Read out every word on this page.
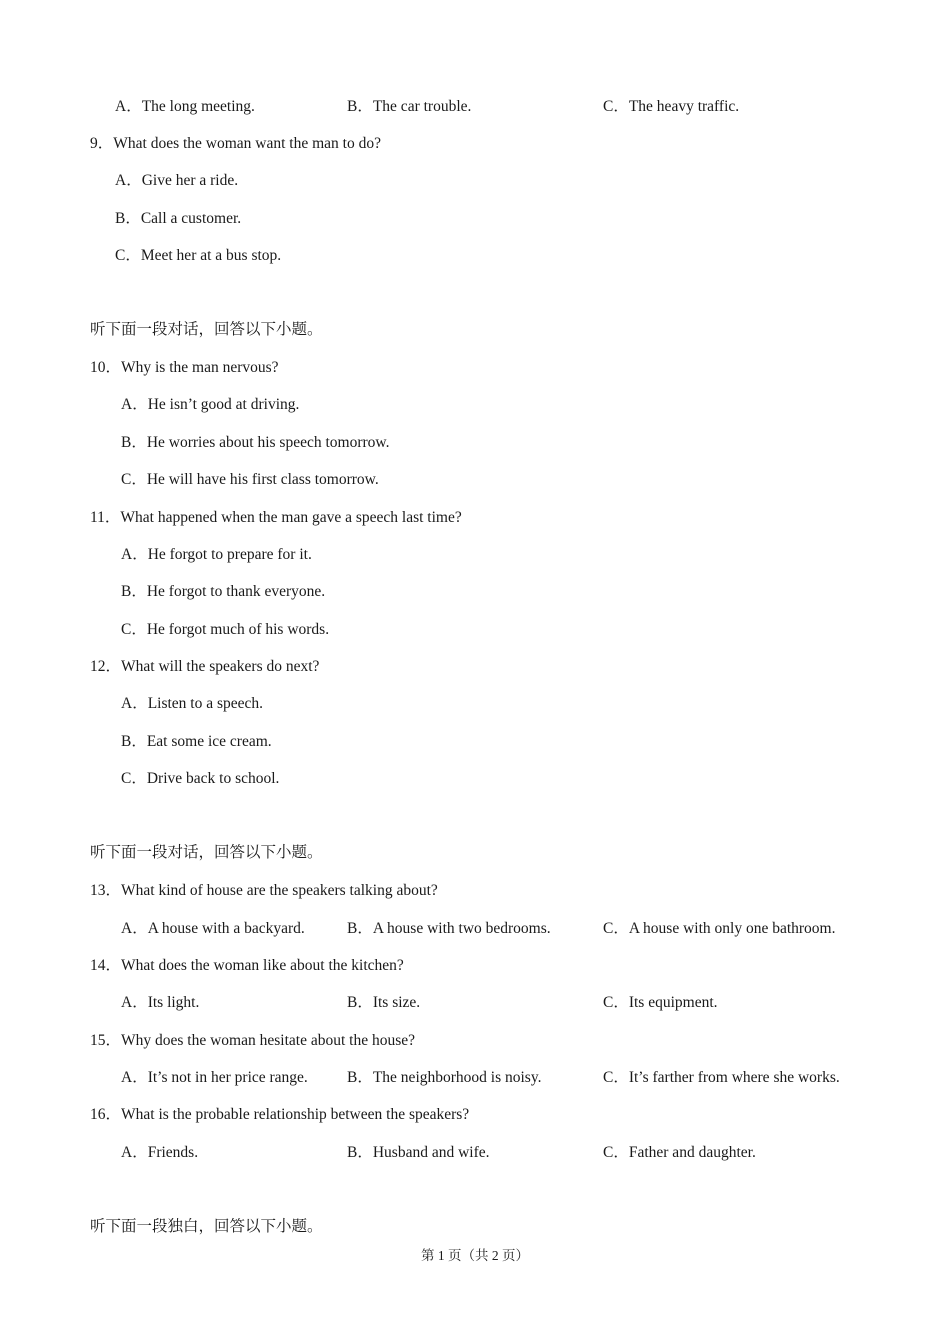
A．The long meeting.	B．The car trouble.	C．The heavy traffic.
9．What does the woman want the man to do?
A．Give her a ride.
B．Call a customer.
C．Meet her at a bus stop.
听下面一段对话，回答以下小题。
10．Why is the man nervous?
A．He isn’t good at driving.
B．He worries about his speech tomorrow.
C．He will have his first class tomorrow.
11．What happened when the man gave a speech last time?
A．He forgot to prepare for it.
B．He forgot to thank everyone.
C．He forgot much of his words.
12．What will the speakers do next?
A．Listen to a speech.
B．Eat some ice cream.
C．Drive back to school.
听下面一段对话，回答以下小题。
13．What kind of house are the speakers talking about?
A．A house with a backyard.	B．A house with two bedrooms.	C．A house with only one bathroom.
14．What does the woman like about the kitchen?
A．Its light.	B．Its size.	C．Its equipment.
15．Why does the woman hesitate about the house?
A．It’s not in her price range.	B．The neighborhood is noisy.	C．It’s farther from where she works.
16．What is the probable relationship between the speakers?
A．Friends.	B．Husband and wife.	C．Father and daughter.
听下面一段独白，回答以下小题。
第 1 页（共 2 页）
